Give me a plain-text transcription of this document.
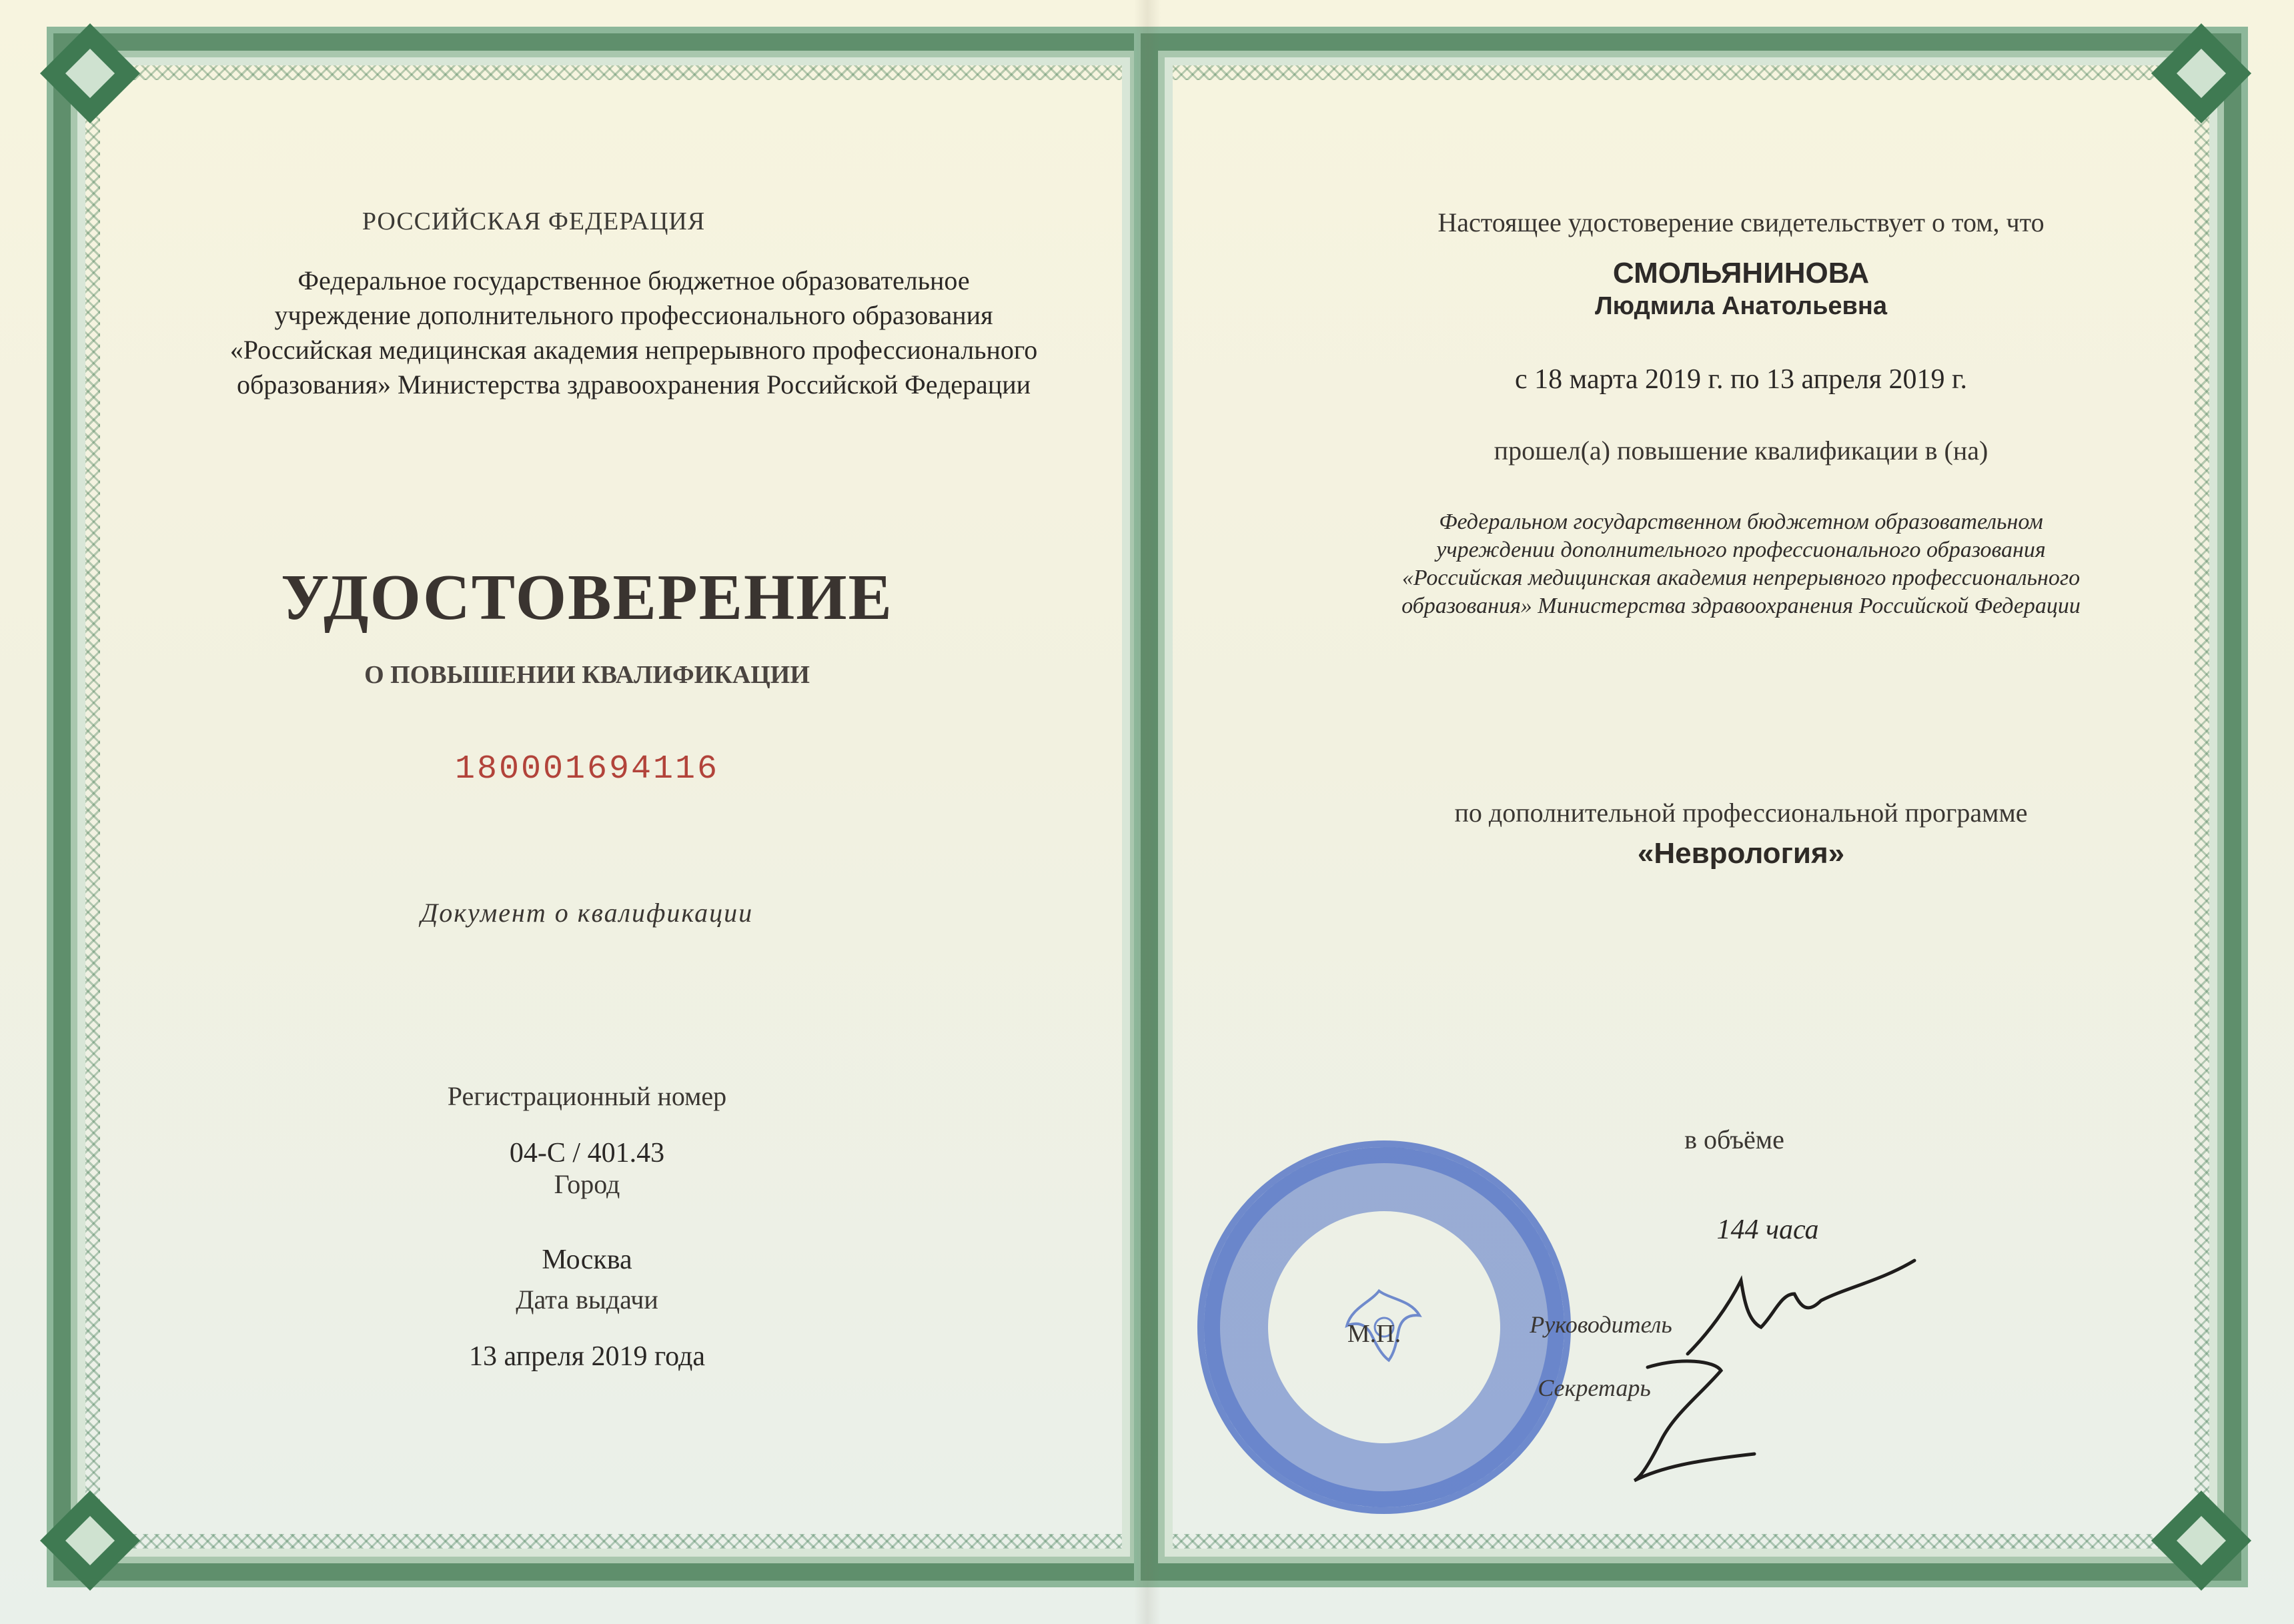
РОССИЙСКАЯ ФЕДЕРАЦИЯ
Федеральное государственное бюджетное образовательное
учреждение дополнительного профессионального образования
«Российская медицинская академия непрерывного профессионального
образования» Министерства здравоохранения Российской Федерации
УДОСТОВЕРЕНИЕ
О ПОВЫШЕНИИ КВАЛИФИКАЦИИ
180001694116
Документ о квалификации
Регистрационный номер
04-С / 401.43
Город
Москва
Дата выдачи
13 апреля 2019 года
Настоящее удостоверение свидетельствует о том, что
СМОЛЬЯНИНОВА
Людмила Анатольевна
с 18 марта 2019 г. по 13 апреля 2019 г.
прошел(а) повышение квалификации в (на)
Федеральном государственном бюджетном образовательном
учреждении дополнительного профессионального образования
«Российская медицинская академия непрерывного профессионального
образования» Министерства здравоохранения Российской Федерации
по дополнительной профессиональной программе
«Неврология»
в объёме
144 часа
М.П.	Руководитель
Секретарь
